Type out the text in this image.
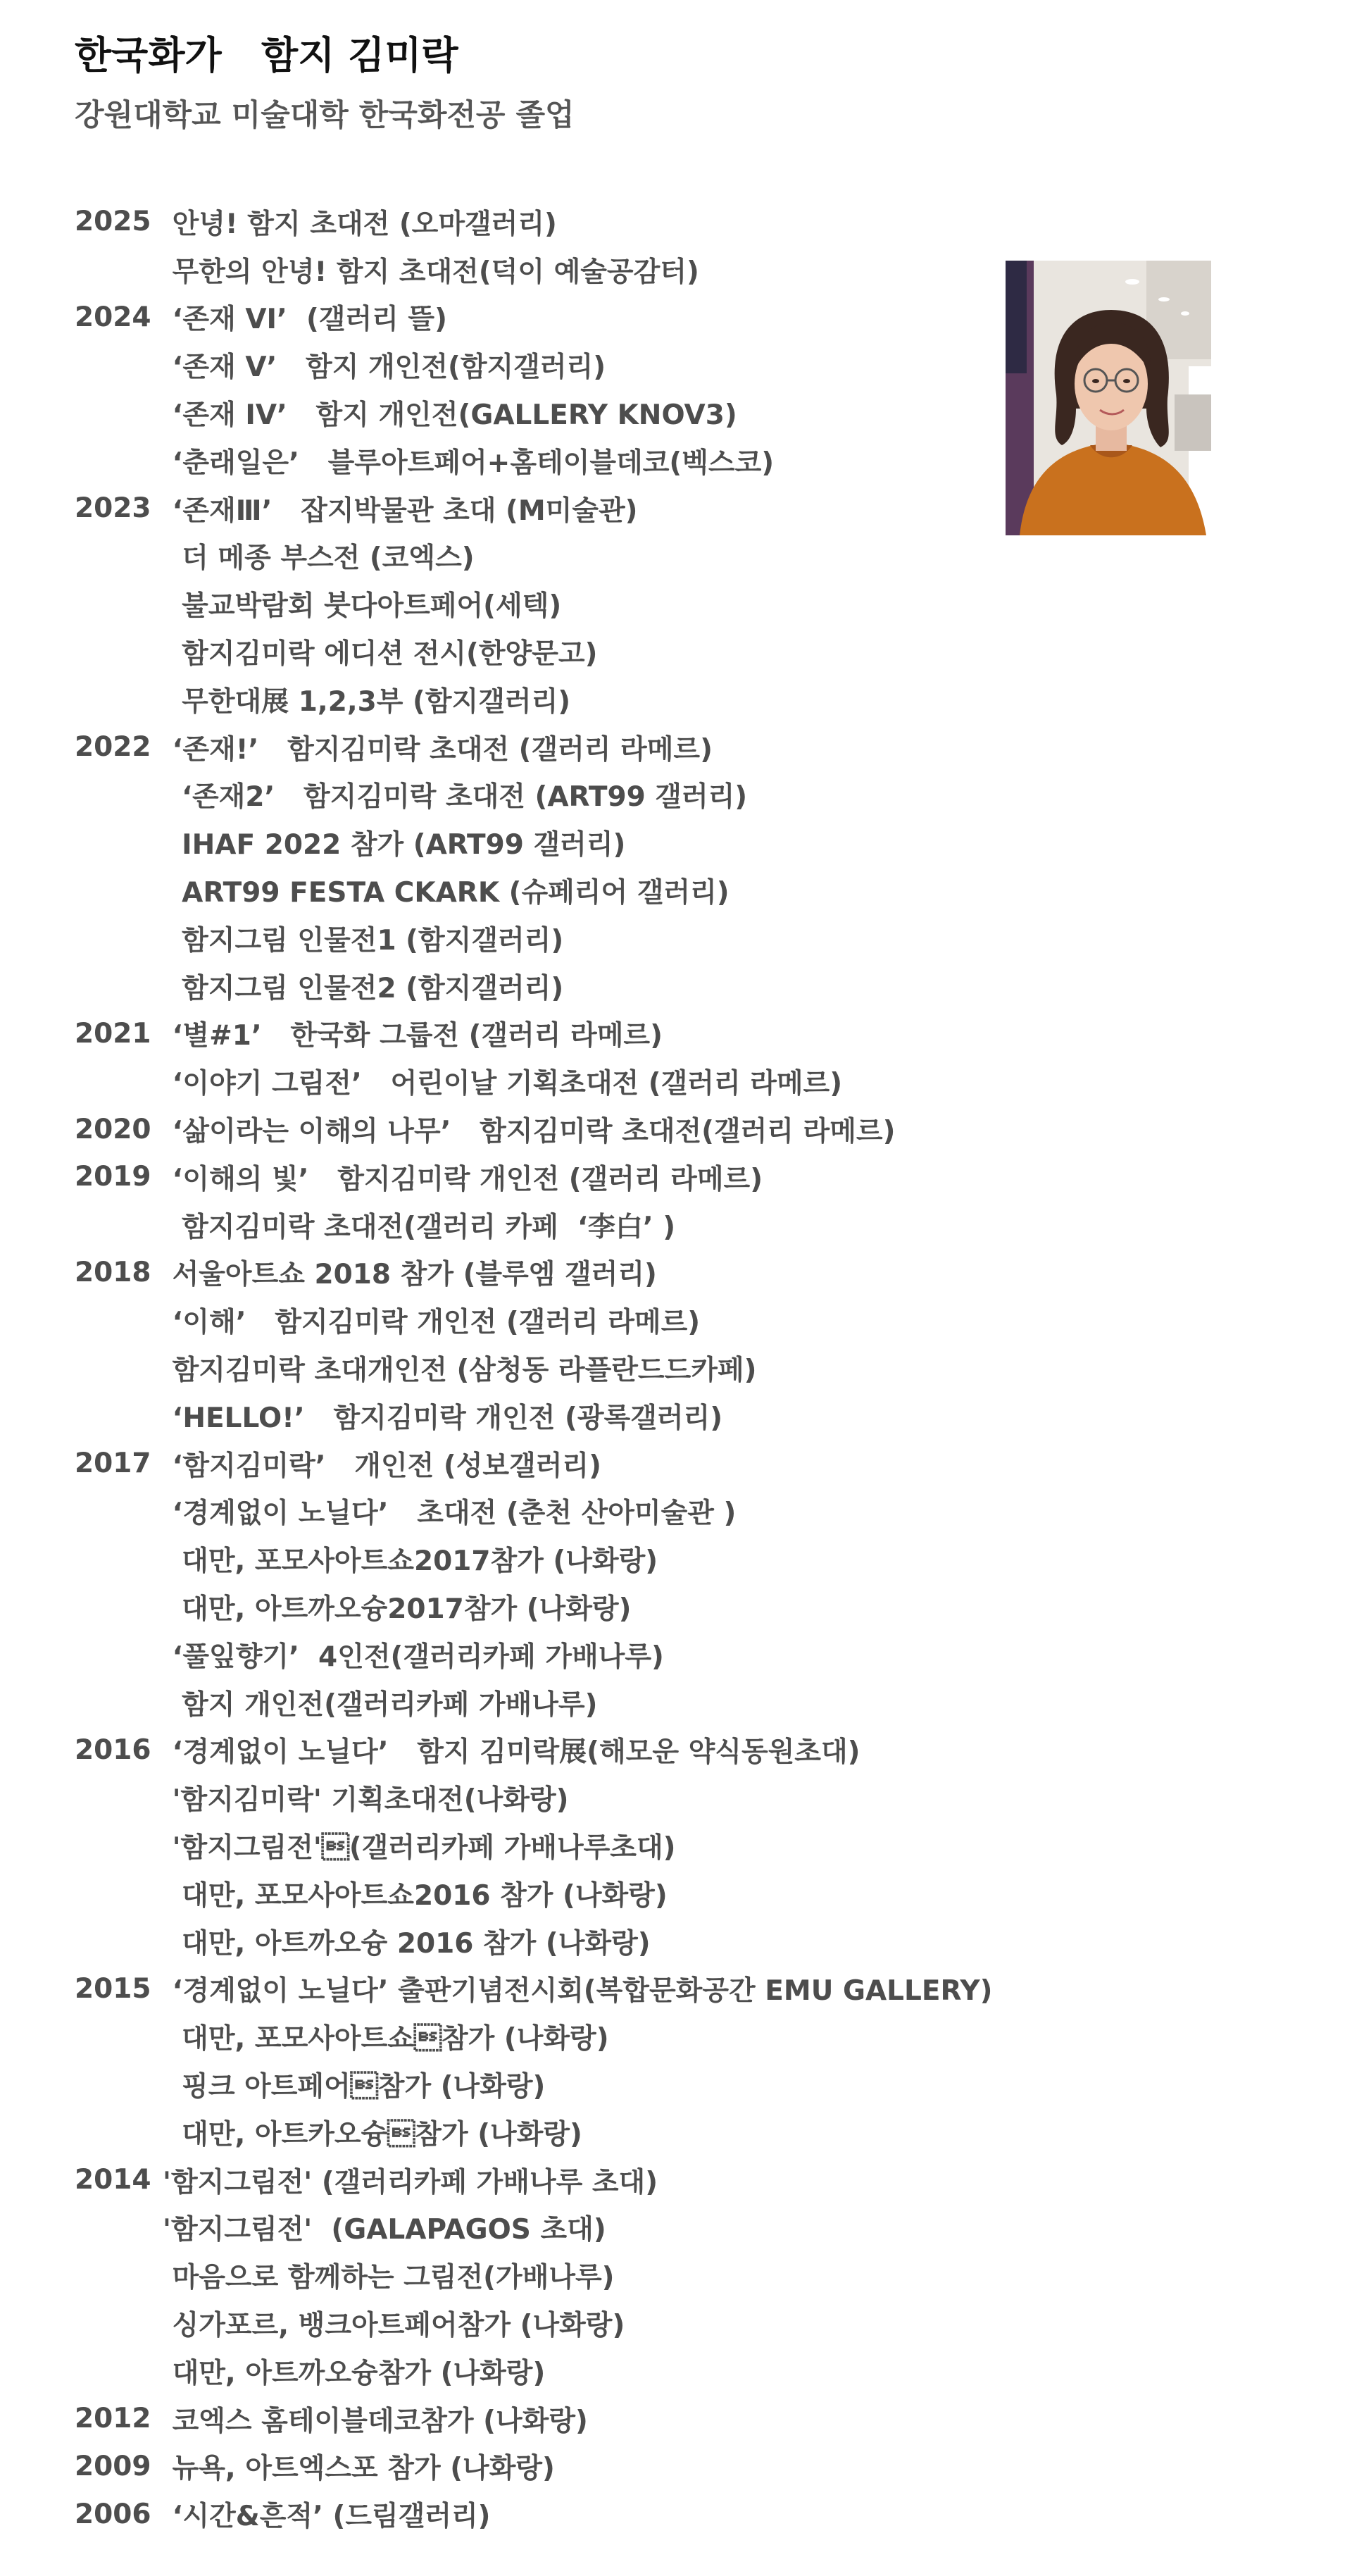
한국화가   함지 김미락
강원대학교 미술대학 한국화전공 졸업
2025 안녕! 함지 초대전 (오마갤러리)
무한의 안녕! 함지 초대전(덕이 예술공감터)
2024 ‘존재 VI’  (갤러리 뜰)
‘존재 V’   함지 개인전(함지갤러리)
‘존재 IV’   함지 개인전(GALLERY KNOV3)
‘춘래일은’   블루아트페어+홈테이블데코(벡스코)
2023 ‘존재Ⅲ’   잡지박물관 초대 (M미술관)
더 메종 부스전 (코엑스)
불교박람회 붓다아트페어(세텍)
함지김미락 에디션 전시(한양문고)
무한대展 1,2,3부 (함지갤러리)
2022 ‘존재!’   함지김미락 초대전 (갤러리 라메르)
‘존재2’   함지김미락 초대전 (ART99 갤러리)
IHAF 2022 참가 (ART99 갤러리)
ART99 FESTA CKARK (슈페리어 갤러리)
함지그림 인물전1 (함지갤러리)
함지그림 인물전2 (함지갤러리)
2021 ‘별#1’   한국화 그룹전 (갤러리 라메르)
‘이야기 그림전’   어린이날 기획초대전 (갤러리 라메르)
2020 ‘삶이라는 이해의 나무’   함지김미락 초대전(갤러리 라메르)
2019 ‘이해의 빛’   함지김미락 개인전 (갤러리 라메르)
함지김미락 초대전(갤러리 카페  ‘李白’ )
2018 서울아트쇼 2018 참가 (블루엠 갤러리)
‘이해’   함지김미락 개인전 (갤러리 라메르)
함지김미락 초대개인전 (삼청동 라플란드드카페)
‘HELLO!’   함지김미락 개인전 (광록갤러리)
2017 ‘함지김미락’   개인전 (성보갤러리)
‘경계없이 노닐다’   초대전 (춘천 산아미술관 )
대만, 포모사아트쇼2017참가 (나화랑)
대만, 아트까오슝2017참가 (나화랑)
‘풀잎향기’  4인전(갤러리카페 가배나루)
함지 개인전(갤러리카페 가배나루)
2016 ‘경계없이 노닐다’   함지 김미락展(해모운 약식동원초대)
'함지김미락' 기획초대전(나화랑)
'함지그림전'(갤러리카페 가배나루초대)
대만, 포모사아트쇼2016 참가 (나화랑)
대만, 아트까오슝 2016 참가 (나화랑)
2015 ‘경계없이 노닐다’ 출판기념전시회(복합문화공간 EMU GALLERY)
대만, 포모사아트쇼참가 (나화랑)
핑크 아트페어참가 (나화랑)
대만, 아트카오슝참가 (나화랑)
2014 '함지그림전' (갤러리카페 가배나루 초대)
'함지그림전'  (GALAPAGOS 초대)
마음으로 함께하는 그림전(가배나루)
싱가포르, 뱅크아트페어참가 (나화랑)
대만, 아트까오슝참가 (나화랑)
2012 코엑스 홈테이블데코참가 (나화랑)
2009 뉴욕, 아트엑스포 참가 (나화랑)
2006 ‘시간&흔적’ (드림갤러리)
